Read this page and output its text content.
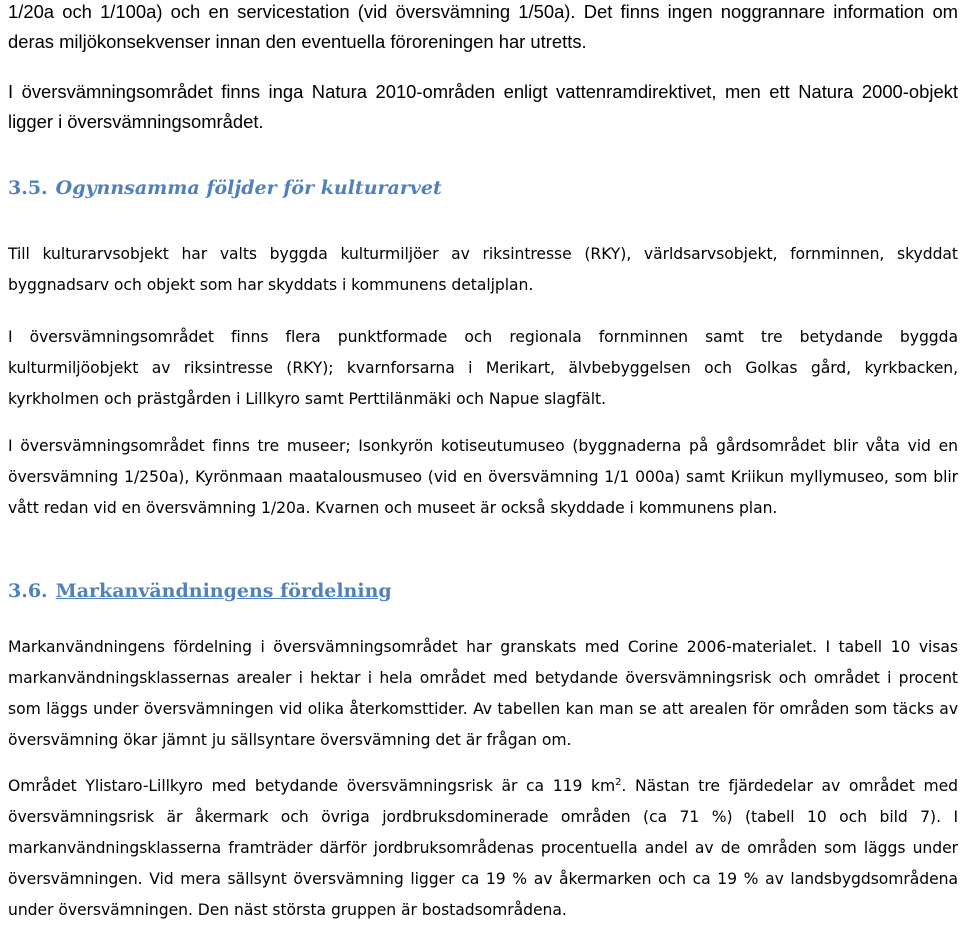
1/20a och 1/100a) och en servicestation (vid översvämning 1/50a). Det finns ingen noggrannare information om deras miljökonsekvenser innan den eventuella föroreningen har utretts.

I översvämningsområdet finns inga Natura 2010-områden enligt vattenramdirektivet, men ett Natura 2000-objekt ligger i översvämningsområdet.

3.5. Ogynnsamma följder för kulturarvet

Till kulturarvsobjekt har valts byggda kulturmiljöer av riksintresse (RKY), världsarvsobjekt, fornminnen, skyddat byggnadsarv och objekt som har skyddats i kommunens detaljplan.

I översvämningsområdet finns flera punktformade och regionala fornminnen samt tre betydande byggda kulturmiljöobjekt av riksintresse (RKY); kvarnforsarna i Merikart, älvbebyggelsen och Golkas gård, kyrkbacken, kyrkholmen och prästgården i Lillkyro samt Perttilänmäki och Napue slagfält.

I översvämningsområdet finns tre museer; Isonkyrön kotiseutumuseo (byggnaderna på gårdsområdet blir våta vid en översvämning 1/250a), Kyrönmaan maatalousmuseo (vid en översvämning 1/1 000a) samt Kriikun myllymuseo, som blir vått redan vid en översvämning 1/20a. Kvarnen och museet är också skyddade i kommunens plan.

3.6. Markanvändningens fördelning

Markanvändningens fördelning i översvämningsområdet har granskats med Corine 2006-materialet. I tabell 10 visas markanvändningsklassernas arealer i hektar i hela området med betydande översvämningsrisk och området i procent som läggs under översvämningen vid olika återkomsttider. Av tabellen kan man se att arealen för områden som täcks av översvämning ökar jämnt ju sällsyntare översvämning det är frågan om.

Området Ylistaro-Lillkyro med betydande översvämningsrisk är ca 119 $km^2$. Nästan tre fjärdedelar av området med översvämningsrisk är åkermark och övriga jordbruksdominerade områden (ca 71 %) (tabell 10 och bild 7). I markanvändningsklasserna framträder därför jordbruksområdenas procentuella andel av de områden som läggs under översvämningen. Vid mera sällsynt översvämning ligger ca 19 % av åkermarken och ca 19 % av landsbygdsområdena under översvämningen. Den näst största gruppen är bostadsområdena.
